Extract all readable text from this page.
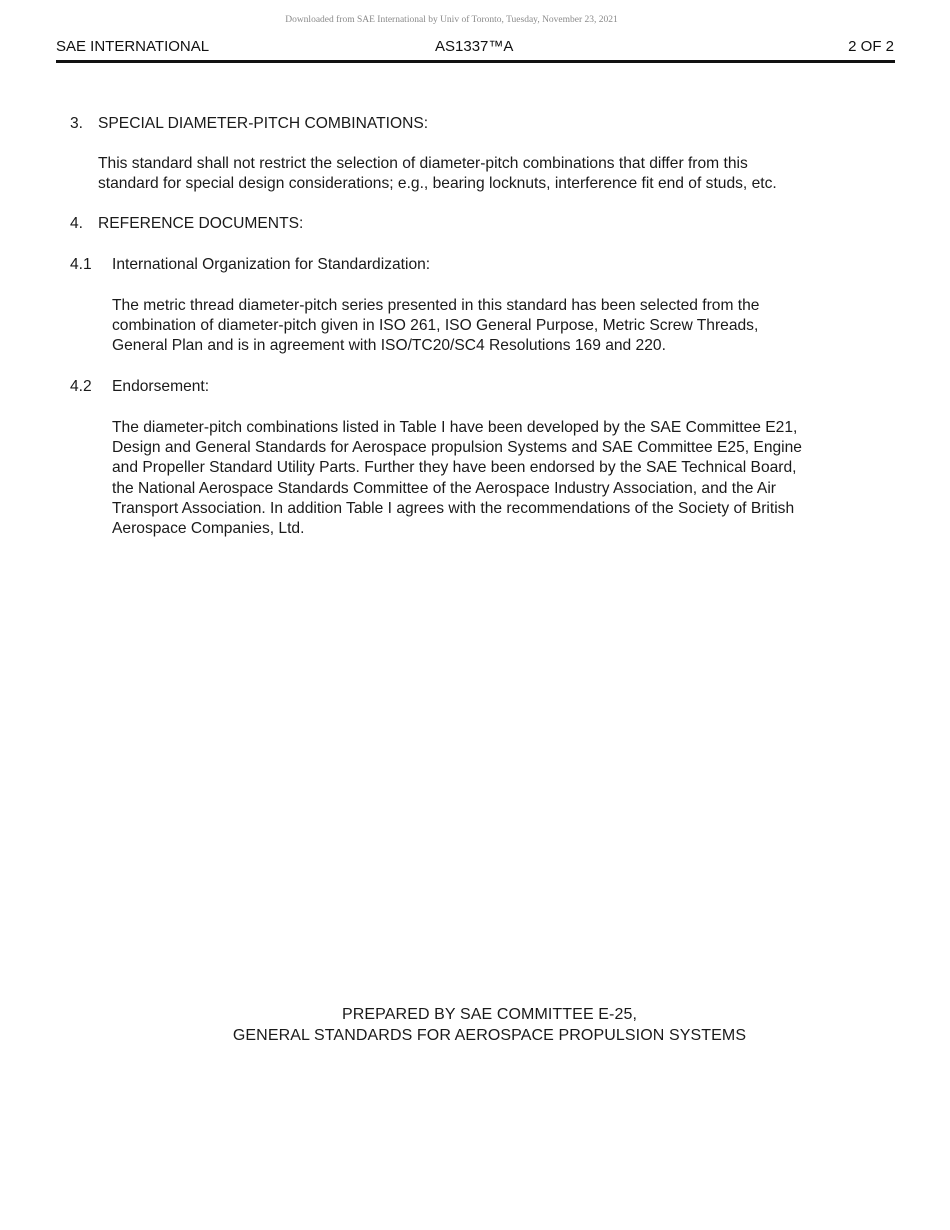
Downloaded from SAE International by Univ of Toronto, Tuesday, November 23, 2021
SAE INTERNATIONAL	AS1337™A	2 OF 2
3. SPECIAL DIAMETER-PITCH COMBINATIONS:

This standard shall not restrict the selection of diameter-pitch combinations that differ from this

standard for special design considerations; e.g., bearing locknuts, interference fit end of studs, etc.

4. REFERENCE DOCUMENTS:
4.1 International Organization for Standardization:

The metric thread diameter-pitch series presented in this standard has been selected from the

combination of diameter-pitch given in ISO 261, ISO General Purpose, Metric Screw Threads,

General Plan and is in agreement with ISO/TC20/SC4 Resolutions 169 and 220.

4.2 Endorsement:

The diameter-pitch combinations listed in Table I have been developed by the SAE Committee E21,

Design and General Standards for Aerospace propulsion Systems and SAE Committee E25, Engine

and Propeller Standard Utility Parts. Further they have been endorsed by the SAE Technical Board,

the National Aerospace Standards Committee of the Aerospace Industry Association, and the Air

Transport Association. In addition Table I agrees with the recommendations of the Society of British

Aerospace Companies, Ltd.

PREPARED BY SAE COMMITTEE E-25,
GENERAL STANDARDS FOR AEROSPACE PROPULSION SYSTEMS
